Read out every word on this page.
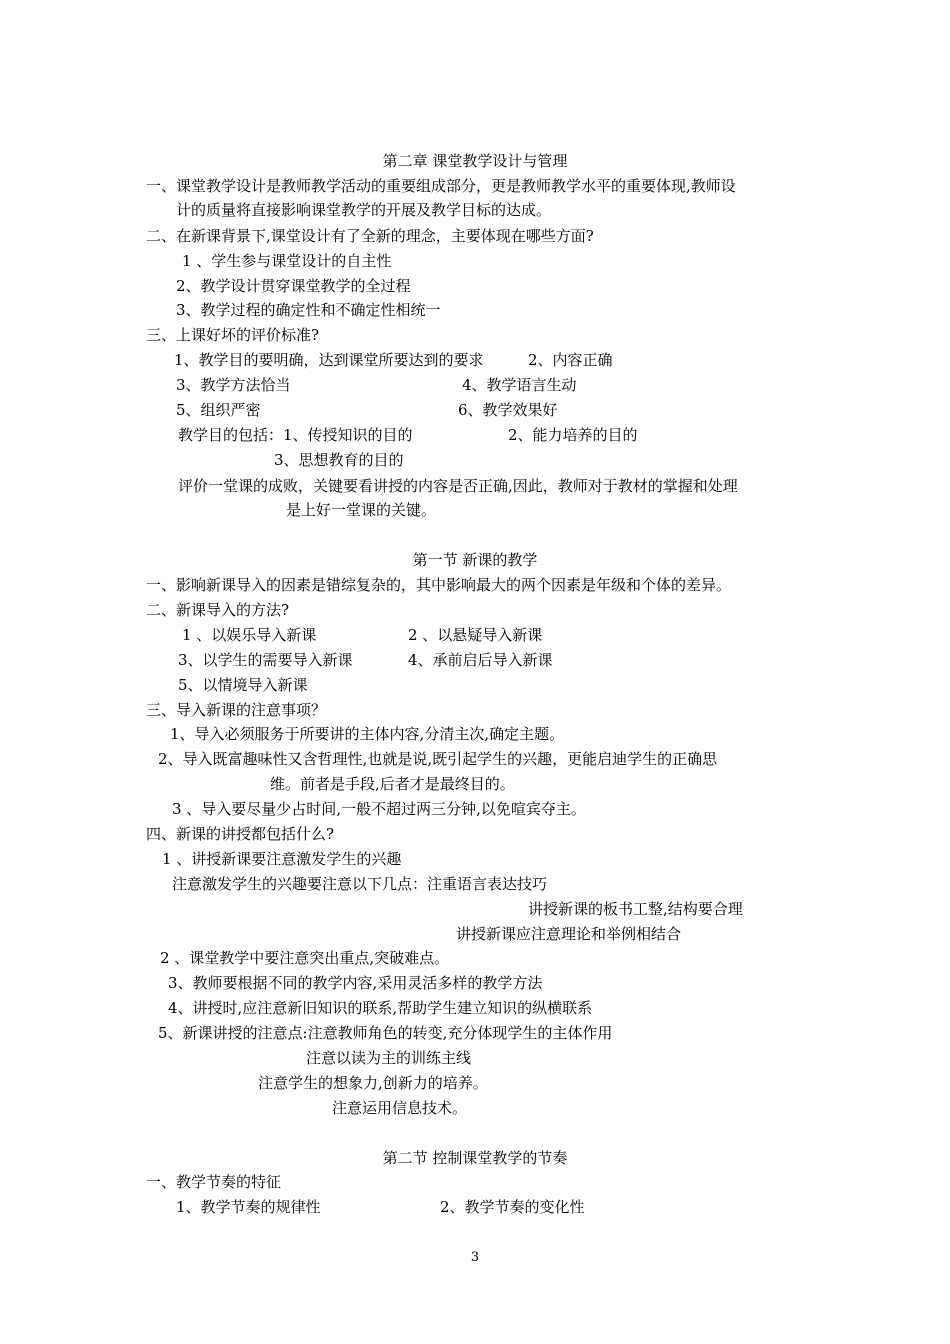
第二章 课堂教学设计与管理
一、课堂教学设计是教师教学活动的重要组成部分，更是教师教学水平的重要体现,教师设
计的质量将直接影响课堂教学的开展及教学目标的达成。
二、在新课背景下,课堂设计有了全新的理念，主要体现在哪些方面?
1 、学生参与课堂设计的自主性
2、教学设计贯穿课堂教学的全过程
3、教学过程的确定性和不确定性相统一
三、上课好坏的评价标准?
1、教学目的要明确，达到课堂所要达到的要求	2、内容正确
3、教学方法恰当	4、教学语言生动
5、组织严密	6、教学效果好
教学目的包括：1、传授知识的目的	2、能力培养的目的
3、思想教育的目的
评价一堂课的成败，关键要看讲授的内容是否正确,因此，教师对于教材的掌握和处理
是上好一堂课的关键。
第一节 新课的教学
一、影响新课导入的因素是错综复杂的，其中影响最大的两个因素是年级和个体的差异。
二、新课导入的方法?
1 、以娱乐导入新课	2 、以悬疑导入新课
3、以学生的需要导入新课	4、承前启后导入新课
5、以情境导入新课
三、导入新课的注意事项？
1、导入必须服务于所要讲的主体内容,分清主次,确定主题。
2、导入既富趣味性又含哲理性,也就是说,既引起学生的兴趣，更能启迪学生的正确思
维。前者是手段,后者才是最终目的。
3 、导入要尽量少占时间,一般不超过两三分钟,以免喧宾夺主。
四、新课的讲授都包括什么?
1 、讲授新课要注意激发学生的兴趣
注意激发学生的兴趣要注意以下几点：注重语言表达技巧
讲授新课的板书工整,结构要合理
讲授新课应注意理论和举例相结合
2 、课堂教学中要注意突出重点,突破难点。
3、教师要根据不同的教学内容,采用灵活多样的教学方法
4、讲授时,应注意新旧知识的联系,帮助学生建立知识的纵横联系
5、新课讲授的注意点:注意教师角色的转变,充分体现学生的主体作用
注意以读为主的训练主线
注意学生的想象力,创新力的培养。
注意运用信息技术。
第二节 控制课堂教学的节奏
一、教学节奏的特征
1、教学节奏的规律性	2、教学节奏的变化性
3
